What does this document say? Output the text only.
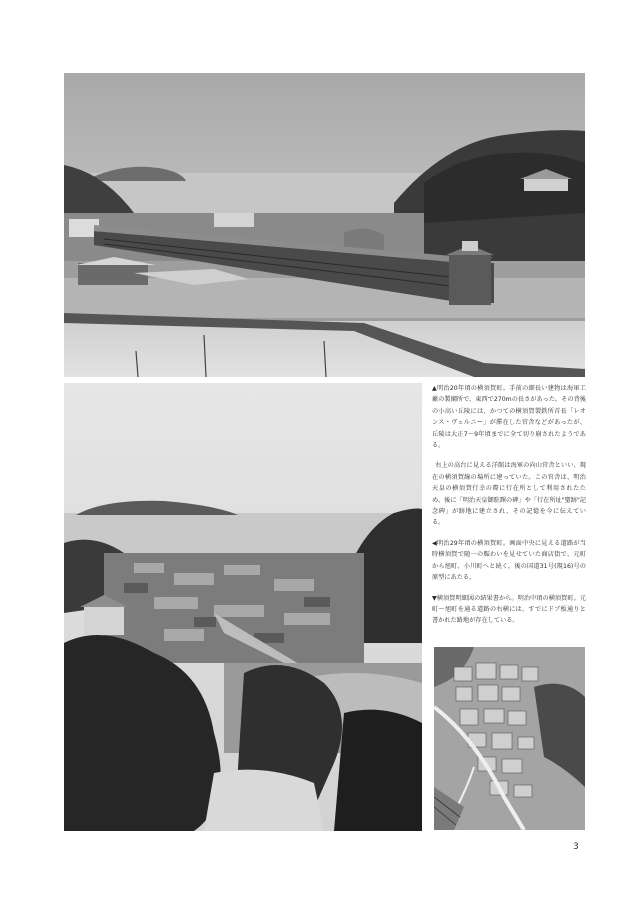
▲明治20年頃の横須賀町。手前の細長い建物は海軍工廠の製綱所で、東西で270mの長さがあった。その背後の小高い丘陵には、かつての横須賀製鉄所首長「レオンス・ヴェルニー」が滞在した官舎などがあったが、丘陵は大正7〜9年頃までに全て切り崩されたようである。

右上の高台に見える洋館は海軍の向山官舎といい、現在の横須賀線の場所に建っていた。この官舎は、明治天皇の横須賀行幸の際に行在所として利用されたため、後に「明治天皇御駐蹕の碑」や「行在所址"聖跡"記念碑」が跡地に建立され、その記憶を今に伝えている。

◀明治29年頃の横須賀町。画面中央に見える道路が当時横須賀で随一の賑わいを見せていた商店街で、元町から旭町、小川町へと続く。後の国道31号(現16)号の原型にあたる。

▼横須賀明細図の結果書から。明治中頃の横須賀町。元町〜旭町を通る道路の右横には、すでにドブ板通りと書かれた路地が存在している。

3
